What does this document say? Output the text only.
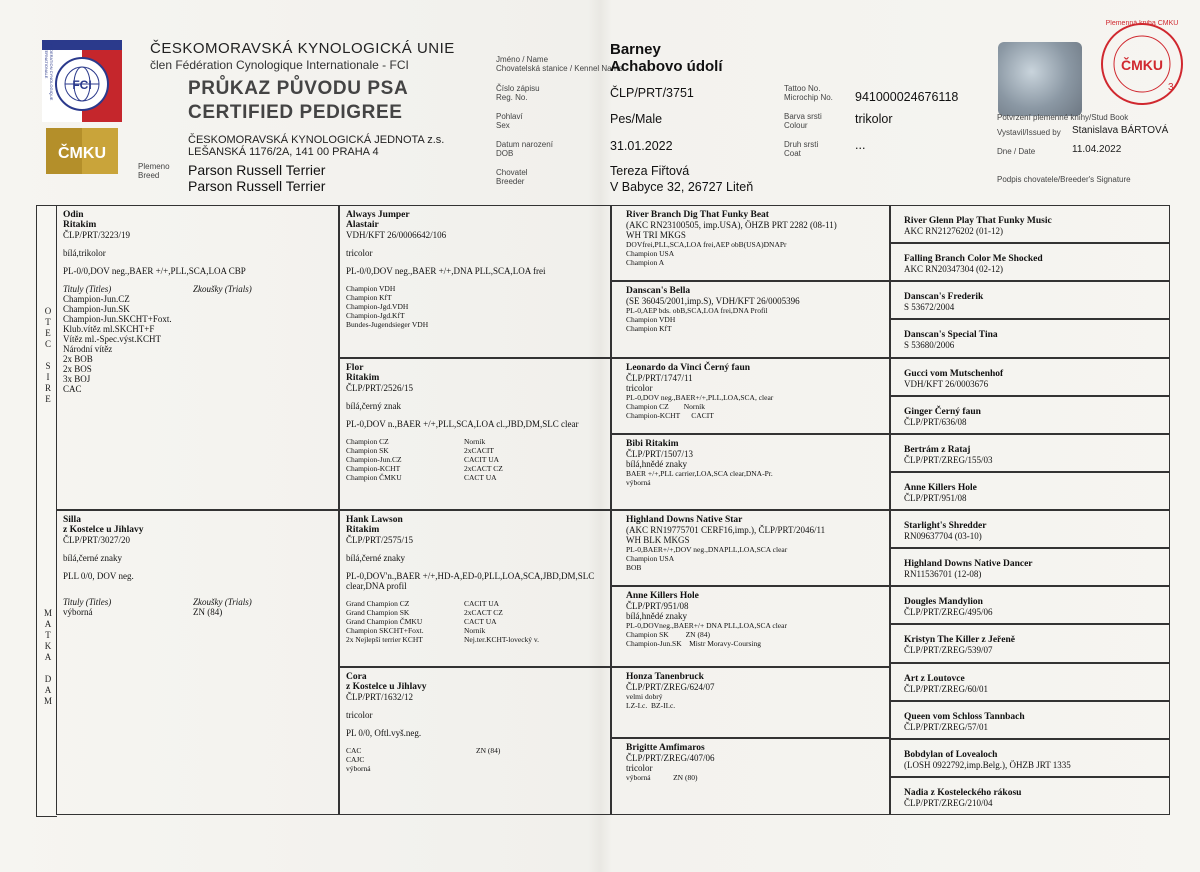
FCI
ČMKU
FEDERATION CYNOLOGIQUE INTERNATIONALE	ČESKOMORAVSKÁ KYNOLOGICKÁ UNIE
člen Fédération Cynologique Internationale - FCI
PRŮKAZ PŮVODU PSA
CERTIFIED PEDIGREE
ČESKOMORAVSKÁ KYNOLOGICKÁ JEDNOTA z.s.
LEŠANSKÁ 1176/2A, 141 00 PRAHA 4
Plemeno
Breed	Parson Russell Terrier
Parson Russell Terrier
Jméno / Name
Chovatelská stanice / Kennel Name
Barney
Achabovo údolí
Číslo zápisu
Reg. No.	ČLP/PRT/3751
Pohlaví
Sex	Pes/Male
Datum narození
DOB
31.01.2022
Chovatel
Breeder
Tereza Fiřtová
V Babyce 32, 26727 Liteň
Tattoo No.
Microchip No. 941000024676118
Barva srsti
Colour	trikolor
Druh srsti
Coat
...
ČMKU
3
Plemenná kniha ČMKU
Potvrzení plemenné knihy/Stud Book
Vystavil/Issued by Stanislava BÁRTOVÁ
Dne / Date	11.04.2022
Podpis chovatele/Breeder's Signature
O
T
E
C

S
I
R
E
M
A
T
K
A

D
A
M
Odin
Ritakim
ČLP/PRT/3223/19
bílá,trikolor
PL-0/0,DOV neg.,BAER +/+,PLL,SCA,LOA CBP
Tituly (Titles)	Zkoušky (Trials)
Champion-Jun.CZ
Champion-Jun.SK
Champion-Jun.SKCHT+Foxt.
Klub.vítěz ml.SKCHT+F
Vítěz ml.-Spec.výst.KCHT
Národní vítěz
2x BOB
2x BOS
3x BOJ
CAC
Silla
z Kostelce u Jihlavy
ČLP/PRT/3027/20
bílá,černé znaky
PLL 0/0, DOV neg.
Tituly (Titles)	Zkoušky (Trials)
výborná	ZN (84)
Always Jumper
Alastair
VDH/KFT 26/0006642/106
tricolor
PL-0/0,DOV neg.,BAER +/+,DNA PLL,SCA,LOA frei
Champion VDH
Champion KfT
Champion-Jgd.VDH
Champion-Jgd.KfT
Bundes-Jugendsieger VDH
Flor
Ritakim
ČLP/PRT/2526/15
bílá,černý znak
PL-0,DOV n.,BAER +/+,PLL,SCA,LOA cl.,JBD,DM,SLC clear
Champion CZ	Norník
Champion SK	2xCACIT
Champion-Jun.CZ	CACIT UA
Champion-KCHT	2xCACT CZ
Champion ČMKU	CACT UA
Hank Lawson
Ritakim
ČLP/PRT/2575/15
bílá,černé znaky
PL-0,DOV'n.,BAER +/+,HD-A,ED-0,PLL,LOA,SCA,JBD,DM,SLC clear,DNA profil
Grand Champion CZ	CACIT UA
Grand Champion SK	2xCACT CZ
Grand Champion ČMKU	CACT UA
Champion SKCHT+Foxt.	Norník
2x Nejlepší terrier KCHT	Nej.ter.KCHT-lovecký v.
Cora
z Kostelce u Jihlavy
ČLP/PRT/1632/12
tricolor
PL 0/0, Oftl.vyš.neg.
CAC	ZN (84)
CAJC
výborná
River Branch Dig That Funky Beat
(AKC RN23100505, imp.USA), ÖHZB PRT 2282 (08-11)
WH TRI MKGS
DOVfrei,PLL,SCA,LOA frei,AEP obB(USA)DNAPr
Champion USA
Champion A
Danscan's Bella
(SE 36045/2001,imp.S), VDH/KFT 26/0005396
PL-0,AEP bds. obB,SCA,LOA frei,DNA Profil
Champion VDH
Champion KfT
Leonardo da Vinci Černý faun
ČLP/PRT/1747/11
tricolor
PL-0,DOV neg.,BAER+/+,PLL,LOA,SCA, clear
Champion CZ        Norník
Champion-KCHT      CACIT
Bibi Ritakim
ČLP/PRT/1507/13
bílá,hnědé znaky
BAER +/+,PLL carrier,LOA,SCA clear,DNA-Pr.
výborná
Highland Downs Native Star
(AKC RN19775701 CERF16,imp.), ČLP/PRT/2046/11
WH BLK MKGS
PL-0,BAER+/+,DOV neg.,DNAPLL,LOA,SCA clear
Champion USA
BOB
Anne Killers Hole
ČLP/PRT/951/08
bílá,hnědé znaky
PL-0,DOVneg.,BAER+/+ DNA PLL,LOA,SCA clear
Champion SK         ZN (84)
Champion-Jun.SK    Mistr Moravy-Coursing
Honza Tanenbruck
ČLP/PRT/ZREG/624/07
velmi dobrý
LZ-I.c.  BZ-II.c.
Brigitte Amfimaros
ČLP/PRT/ZREG/407/06
tricolor
výborná            ZN (80)
River Glenn Play That Funky Music
AKC RN21276202 (01-12)
Falling Branch Color Me Shocked
AKC RN20347304 (02-12)
Danscan's Frederik
S 53672/2004
Danscan's Special Tina
S 53680/2006
Gucci vom Mutschenhof
VDH/KFT 26/0003676
Ginger Černý faun
ČLP/PRT/636/08
Bertrám z Rataj
ČLP/PRT/ZREG/155/03
Anne Killers Hole
ČLP/PRT/951/08
Starlight's Shredder
RN09637704 (03-10)
Highland Downs Native Dancer
RN11536701 (12-08)
Dougles Mandylion
ČLP/PRT/ZREG/495/06
Kristyn The Killer z Jeřeně
ČLP/PRT/ZREG/539/07
Art z Loutovce
ČLP/PRT/ZREG/60/01
Queen vom Schloss Tannbach
ČLP/PRT/ZREG/57/01
Bobdylan of Lovealoch
(LOSH 0922792,imp.Belg.), ÖHZB JRT 1335
Nadia z Kosteleckého rákosu
ČLP/PRT/ZREG/210/04
